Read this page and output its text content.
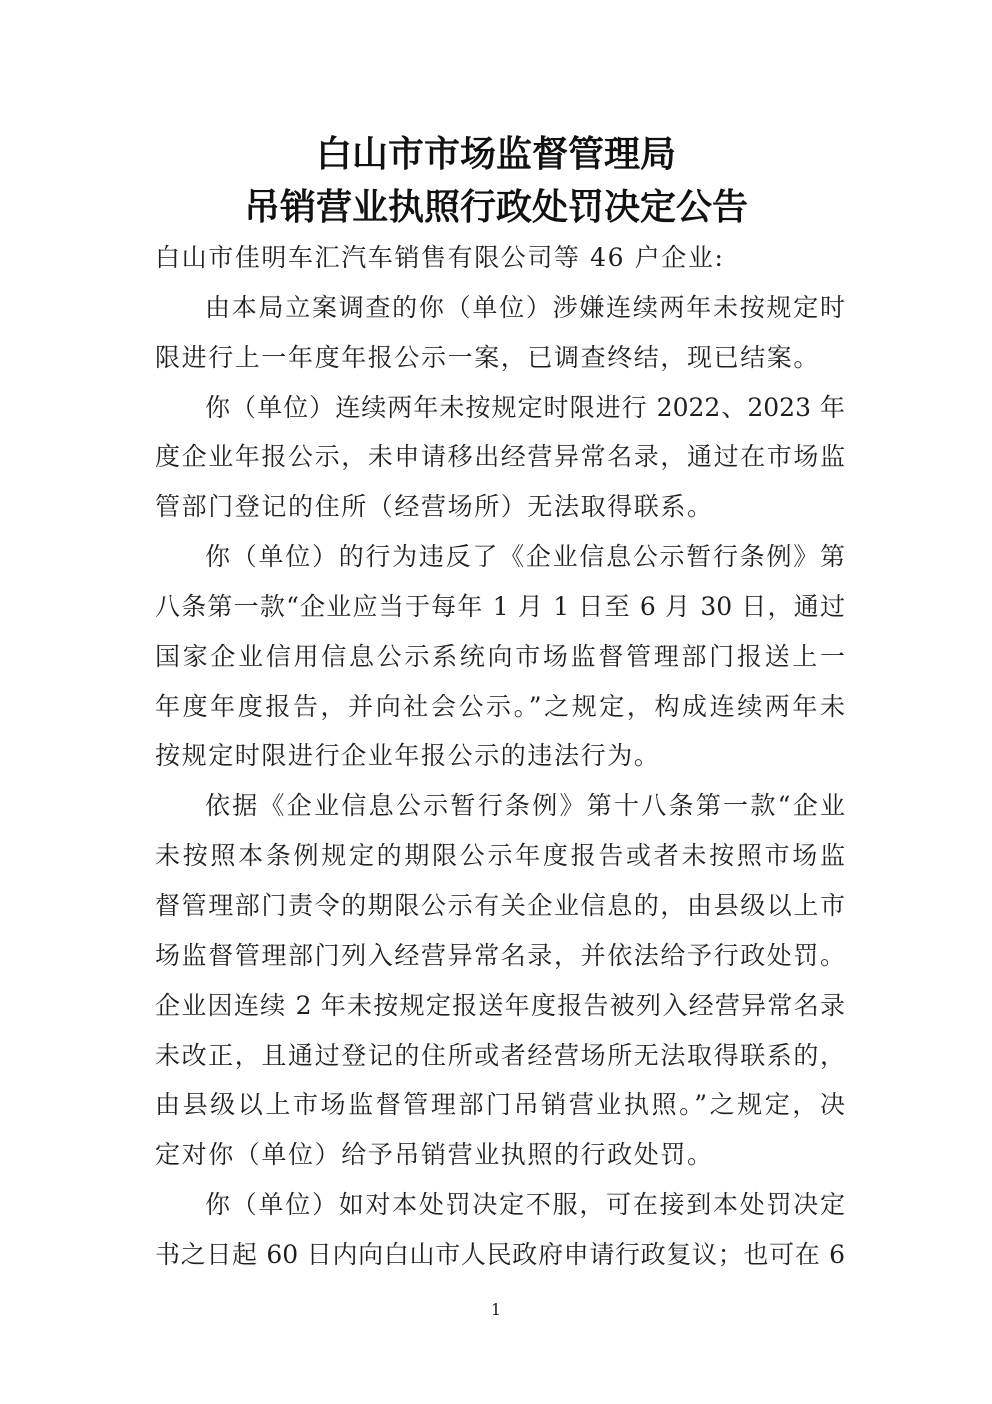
白山市市场监督管理局
吊销营业执照行政处罚决定公告
白山市佳明车汇汽车销售有限公司等 46 户企业:
由本局立案调查的你（单位）涉嫌连续两年未按规定时
限进行上一年度年报公示一案，已调查终结，现已结案。
你（单位）连续两年未按规定时限进行 2022、2023 年
度企业年报公示，未申请移出经营异常名录，通过在市场监
管部门登记的住所（经营场所）无法取得联系。
你（单位）的行为违反了《企业信息公示暂行条例》第
八条第一款“企业应当于每年 1 月 1 日至 6 月 30 日，通过
国家企业信用信息公示系统向市场监督管理部门报送上一
年度年度报告，并向社会公示。”之规定，构成连续两年未
按规定时限进行企业年报公示的违法行为。
依据《企业信息公示暂行条例》第十八条第一款“企业
未按照本条例规定的期限公示年度报告或者未按照市场监
督管理部门责令的期限公示有关企业信息的，由县级以上市
场监督管理部门列入经营异常名录，并依法给予行政处罚。
企业因连续 2 年未按规定报送年度报告被列入经营异常名录
未改正，且通过登记的住所或者经营场所无法取得联系的，
由县级以上市场监督管理部门吊销营业执照。”之规定，决
定对你（单位）给予吊销营业执照的行政处罚。
你（单位）如对本处罚决定不服，可在接到本处罚决定
书之日起 60 日内向白山市人民政府申请行政复议；也可在 6
1
